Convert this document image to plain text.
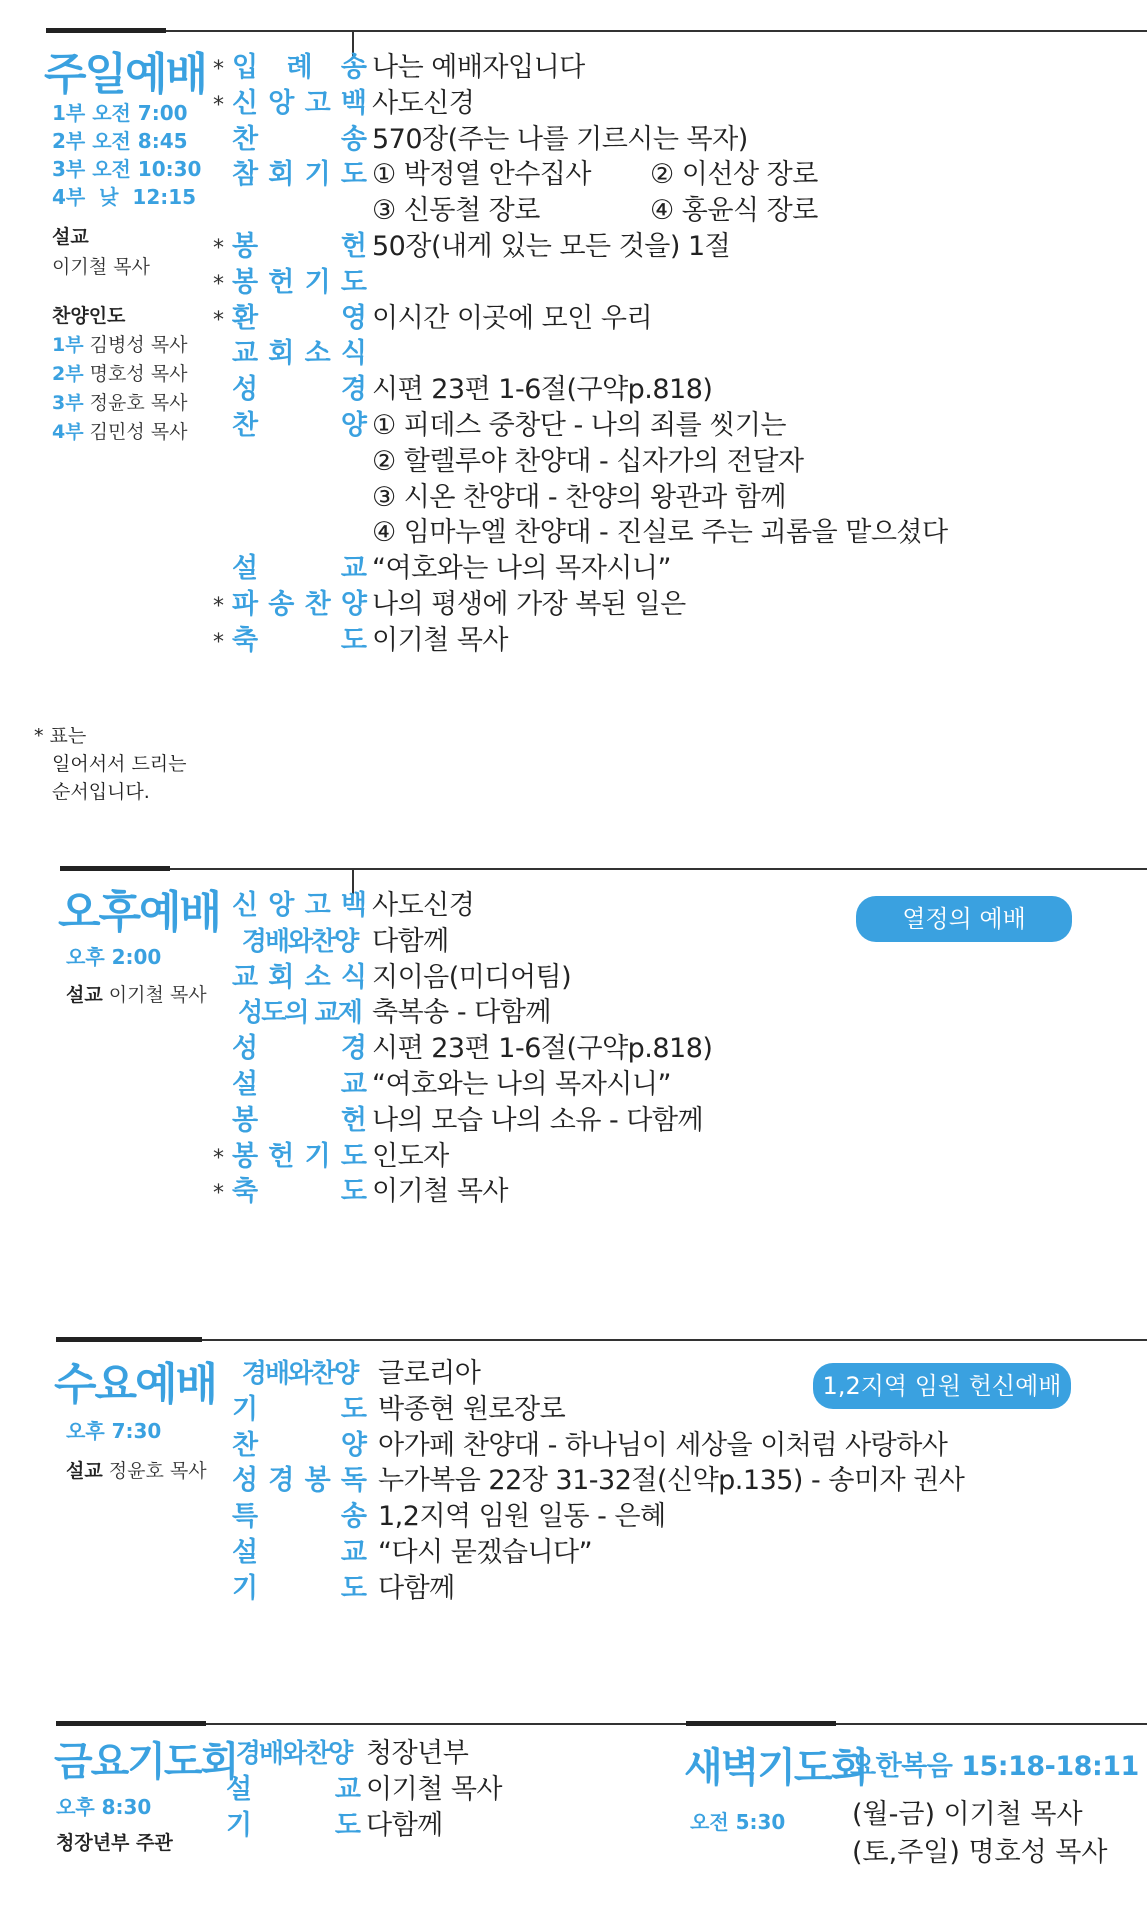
주일예배
1부 오전 7:00
2부 오전 8:45
3부 오전 10:30
4부  낮  12:15
설교
이기철 목사
찬양인도
1부 김병성 목사
2부 명호성 목사
3부 정윤호 목사
4부 김민성 목사
* 표는
일어서서 드리는
순서입니다.
* 입 례 송 나는 예배자입니다
* 신 앙 고 백 사도신경
찬	송 570장(주는 나를 기르시는 목자)
참 회 기 도 ① 박정열 안수집사 ② 이선상 장로
③ 신동철 장로	④ 홍윤식 장로
* 봉	헌 50장(내게 있는 모든 것을) 1절
* 봉 헌 기 도
* 환	영 이시간 이곳에 모인 우리
교 회 소 식
성	경 시편 23편 1-6절(구약p.818)
찬	양 ① 피데스 중창단 - 나의 죄를 씻기는
② 할렐루야 찬양대 - 십자가의 전달자
③ 시온 찬양대 - 찬양의 왕관과 함께
④ 임마누엘 찬양대 - 진실로 주는 괴롬을 맡으셨다
설	교 “여호와는 나의 목자시니”
* 파 송 찬 양 나의 평생에 가장 복된 일은
* 축	도 이기철 목사
오후예배
오후 2:00
설교 이기철 목사
열정의 예배
신 앙 고 백 사도신경
경배와찬양 다함께
교 회 소 식 지이음(미디어팀)
성도의 교제 축복송 - 다함께
성	경 시편 23편 1-6절(구약p.818)
설	교 “여호와는 나의 목자시니”
봉	헌 나의 모습 나의 소유 - 다함께
* 봉 헌 기 도 인도자
* 축	도 이기철 목사
수요예배
오후 7:30
설교 정윤호 목사
1,2지역 임원 헌신예배
경배와찬양 글로리아
기	도 박종현 원로장로
찬	양 아가페 찬양대 - 하나님이 세상을 이처럼 사랑하사
성 경 봉 독 누가복음 22장 31-32절(신약p.135) - 송미자 권사
특	송 1,2지역 임원 일동 - 은혜
설	교 “다시 묻겠습니다”
기	도 다함께
금요기도회
오후 8:30
청장년부 주관
경배와찬양 청장년부
설	교 이기철 목사
기	도 다함께
새벽기도회
오전 5:30
요한복음 15:18-18:11
(월-금) 이기철 목사
(토,주일) 명호성 목사
